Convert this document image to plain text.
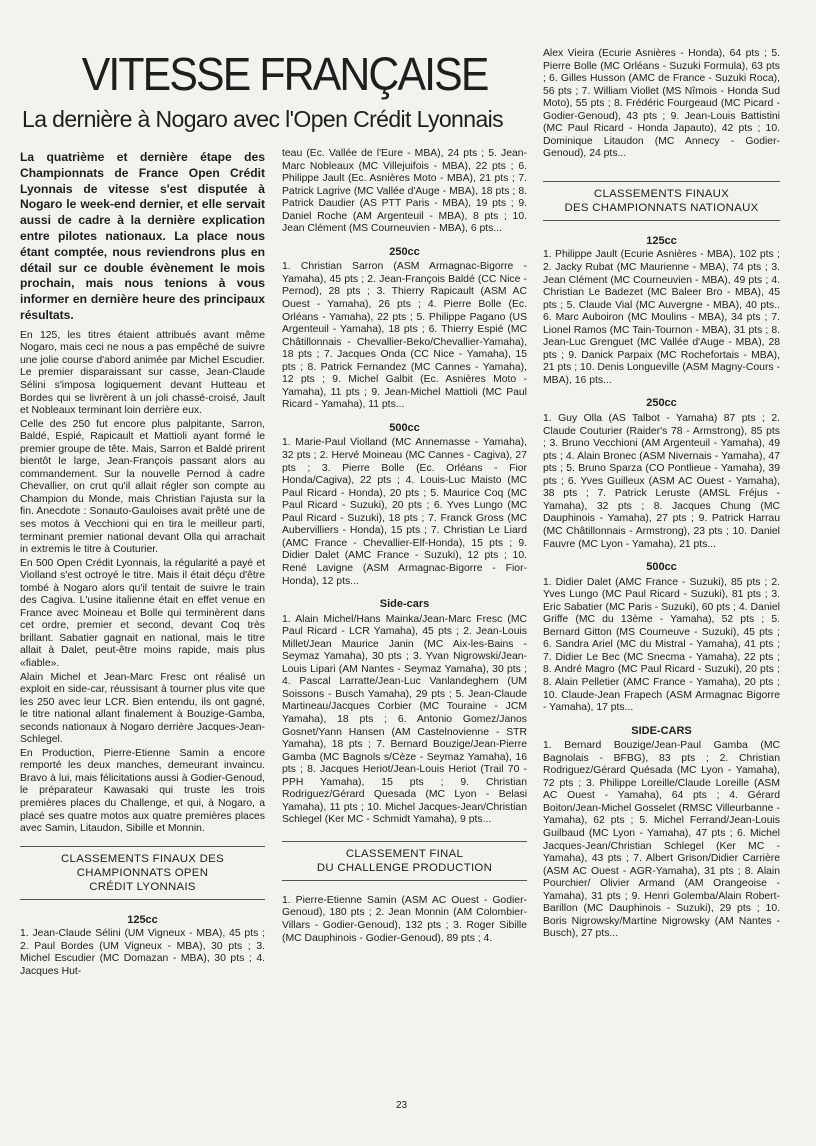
VITESSE FRANÇAISE
La dernière à Nogaro avec l'Open Crédit Lyonnais

La quatrième et dernière étape des Championnats de France Open Crédit Lyonnais de vitesse s'est disputée à Nogaro le week-end dernier, et elle servait aussi de cadre à la dernière explication entre pilotes nationaux. La place nous étant comptée, nous reviendrons plus en détail sur ce double évènement le mois prochain, mais nous tenions à vous informer en dernière heure des principaux résultats.

En 125, les titres étaient attribués avant même Nogaro, mais ceci ne nous a pas empêché de suivre une jolie course d'abord animée par Michel Escudier. Le premier disparaissant sur casse, Jean-Claude Sélini s'imposa logiquement devant Hutteau et Bordes qui se livrèrent à un joli chassé-croisé, Jault et Nobleaux terminant loin derrière eux.

Celle des 250 fut encore plus palpitante, Sarron, Baldé, Espié, Rapicault et Mattioli ayant formé le premier groupe de tête. Mais, Sarron et Baldé prirent bientôt le large, Jean-François passant alors au commandement. Sur la nouvelle Pernod à cadre Chevallier, on crut qu'il allait régler son compte au Champion du Monde, mais Christian l'ajusta sur la fin. Anecdote : Sonauto-Gauloises avait prêté une de ses motos à Vecchioni qui en tira le meilleur parti, terminant premier national devant Olla qui arrachait in extremis le titre à Couturier.

En 500 Open Crédit Lyonnais, la régularité a payé et Violland s'est octroyé le titre. Mais il était déçu d'être tombé à Nogaro alors qu'il tentait de suivre le train des Cagiva. L'usine italienne était en effet venue en France avec Moineau et Bolle qui terminèrent dans cet ordre, premier et second, devant Coq très brillant. Sabatier gagnait en national, mais le titre allait à Dalet, peut-être moins rapide, mais plus «fiable».

Alain Michel et Jean-Marc Fresc ont réalisé un exploit en side-car, réussisant à tourner plus vite que les 250 avec leur LCR. Bien entendu, ils ont gagné, le titre national allant finalement à Bouzige-Gamba, seconds nationaux à Nogaro derrière Jacques-Jean-Schlegel.

En Production, Pierre-Etienne Samin a encore remporté les deux manches, demeurant invaincu. Bravo à lui, mais félicitations aussi à Godier-Genoud, le préparateur Kawasaki qui truste les trois premières places du Challenge, et qui, à Nogaro, a placé ses quatre motos aux quatre premières places avec Samin, Litaudon, Sibille et Monnin.

CLASSEMENTS FINAUX DES
CHAMPIONNATS OPEN
CRÉDIT LYONNAIS
125cc

1. Jean-Claude Sélini (UM Vigneux - MBA), 45 pts ; 2. Paul Bordes (UM Vigneux - MBA), 30 pts ; 3. Michel Escudier (MC Domazan - MBA), 30 pts ; 4. Jacques Hut-

teau (Ec. Vallée de l'Eure - MBA), 24 pts ; 5. Jean-Marc Nobleaux (MC Villejuifois - MBA), 22 pts ; 6. Philippe Jault (Ec. Asnières Moto - MBA), 21 pts ; 7. Patrick Lagrive (MC Vallée d'Auge - MBA), 18 pts ; 8. Patrick Daudier (AS PTT Paris - MBA), 19 pts ; 9. Daniel Roche (AM Argenteuil - MBA), 8 pts ; 10. Jean Clément (MS Courneuvien - MBA), 6 pts...

250cc

1. Christian Sarron (ASM Armagnac-Bigorre - Yamaha), 45 pts ; 2. Jean-François Baldé (CC Nice - Pernod), 28 pts ; 3. Thierry Rapicault (ASM AC Ouest - Yamaha), 26 pts ; 4. Pierre Bolle (Ec. Orléans - Yamaha), 22 pts ; 5. Philippe Pagano (US Argenteuil - Yamaha), 18 pts ; 6. Thierry Espié (MC Châtillonnais - Chevallier-Beko/Chevallier-Yamaha), 18 pts ; 7. Jacques Onda (CC Nice - Yamaha), 15 pts ; 8. Patrick Fernandez (MC Cannes - Yamaha), 12 pts ; 9. Michel Galbit (Ec. Asnières Moto - Yamaha), 11 pts ; 9. Jean-Michel Mattioli (MC Paul Ricard - Yamaha), 11 pts...

500cc

1. Marie-Paul Violland (MC Annemasse - Yamaha), 32 pts ; 2. Hervé Moineau (MC Cannes - Cagiva), 27 pts ; 3. Pierre Bolle (Ec. Orléans - Fior Honda/Cagiva), 22 pts ; 4. Louis-Luc Maisto (MC Paul Ricard - Honda), 20 pts ; 5. Maurice Coq (MC Paul Ricard - Suzuki), 20 pts ; 6. Yves Lungo (MC Paul Ricard - Suzuki), 18 pts ; 7. Franck Gross (MC Aubervilliers - Honda), 15 pts ; 7. Christian Le Liard (AMC France - Chevallier-Elf-Honda), 15 pts ; 9. Didier Dalet (AMC France - Suzuki), 12 pts ; 10. René Lavigne (ASM Armagnac-Bigorre - Fior-Honda), 12 pts...

Side-cars

1. Alain Michel/Hans Mainka/Jean-Marc Fresc (MC Paul Ricard - LCR Yamaha), 45 pts ; 2. Jean-Louis Millet/Jean Maurice Janin (MC Aix-les-Bains - Seymaz Yamaha), 30 pts ; 3. Yvan Nigrowski/Jean-Louis Lipari (AM Nantes - Seymaz Yamaha), 30 pts ; 4. Pascal Larratte/Jean-Luc Vanlandeghem (UM Soissons - Busch Yamaha), 29 pts ; 5. Jean-Claude Martineau/Jacques Corbier (MC Touraine - JCM Yamaha), 18 pts ; 6. Antonio Gomez/Janos Gosnet/Yann Hansen (AM Castelnovienne - STR Yamaha), 18 pts ; 7. Bernard Bouzige/Jean-Pierre Gamba (MC Bagnols s/Cèze - Seymaz Yamaha), 16 pts ; 8. Jacques Heriot/Jean-Louis Heriot (Trail 70 - PPH Yamaha), 15 pts ; 9. Christian Rodriguez/Gérard Quesada (MC Lyon - Belasi Yamaha), 11 pts ; 10. Michel Jacques-Jean/Christian Schlegel (Ker MC - Schmidt Yamaha), 9 pts...

CLASSEMENT FINAL
DU CHALLENGE PRODUCTION

1. Pierre-Etienne Samin (ASM AC Ouest - Godier-Genoud), 180 pts ; 2. Jean Monnin (AM Colombier-Villars - Godier-Genoud), 132 pts ; 3. Roger Sibille (MC Dauphinois - Godier-Genoud), 89 pts ; 4.

Alex Vieira (Ecurie Asnières - Honda), 64 pts ; 5. Pierre Bolle (MC Orléans - Suzuki Formula), 63 pts ; 6. Gilles Husson (AMC de France - Suzuki Roca), 56 pts ; 7. William Viollet (MS Nîmois - Honda Sud Moto), 55 pts ; 8. Frédéric Fourgeaud (MC Picard - Godier-Genoud), 43 pts ; 9. Jean-Louis Battistini (MC Paul Ricard - Honda Japauto), 42 pts ; 10. Dominique Litaudon (MC Annecy - Godier-Genoud), 24 pts...

CLASSEMENTS FINAUX
DES CHAMPIONNATS NATIONAUX
125cc

1. Philippe Jault (Ecurie Asnières - MBA), 102 pts ; 2. Jacky Rubat (MC Maurienne - MBA), 74 pts ; 3. Jean Clément (MC Courneuvien - MBA), 49 pts ; 4. Christian Le Badezet (MC Baleer Bro - MBA), 45 pts ; 5. Claude Vial (MC Auvergne - MBA), 40 pts.. 6. Marc Auboiron (MC Moulins - MBA), 34 pts ; 7. Lionel Ramos (MC Tain-Tournon - MBA), 31 pts ; 8. Jean-Luc Grenguet (MC Vallée d'Auge - MBA), 28 pts ; 9. Danick Parpaix (MC Rochefortais - MBA), 21 pts ; 10. Denis Longueville (ASM Magny-Cours - MBA), 16 pts...

250cc

1. Guy Olla (AS Talbot - Yamaha) 87 pts ; 2. Claude Couturier (Raider's 78 - Armstrong), 85 pts ; 3. Bruno Vecchioni (AM Argenteuil - Yamaha), 49 pts ; 4. Alain Bronec (ASM Nivernais - Yamaha), 47 pts ; 5. Bruno Sparza (CO Pontlieue - Yamaha), 39 pts ; 6. Yves Guilleux (ASM AC Ouest - Yamaha), 38 pts ; 7. Patrick Leruste (AMSL Fréjus - Yamaha), 32 pts ; 8. Jacques Chung (MC Dauphinois - Yamaha), 27 pts ; 9. Patrick Harrau (MC Châtillonnais - Armstrong), 23 pts ; 10. Daniel Fauvre (MC Lyon - Yamaha), 21 pts...

500cc

1. Didier Dalet (AMC France - Suzuki), 85 pts ; 2. Yves Lungo (MC Paul Ricard - Suzuki), 81 pts ; 3. Eric Sabatier (MC Paris - Suzuki), 60 pts ; 4. Daniel Griffe (MC du 13ème - Yamaha), 52 pts ; 5. Bernard Gitton (MS Courneuve - Suzuki), 45 pts ; 6. Sandra Ariel (MC du Mistral - Yamaha), 41 pts ; 7. Didier Le Bec (MC Snecma - Yamaha), 22 pts ; 8. André Magro (MC Paul Ricard - Suzuki), 20 pts ; 8. Alain Pelletier (AMC France - Yamaha), 20 pts ; 10. Claude-Jean Frapech (ASM Armagnac Bigorre - Yamaha), 17 pts...

SIDE-CARS

1. Bernard Bouzige/Jean-Paul Gamba (MC Bagnolais - BFBG), 83 pts ; 2. Christian Rodriguez/Gérard Quésada (MC Lyon - Yamaha), 72 pts ; 3. Philippe Loreille/Claude Loreille (ASM AC Ouest - Yamaha), 64 pts ; 4. Gérard Boiton/Jean-Michel Gosselet (RMSC Villeurbanne - Yamaha), 62 pts ; 5. Michel Ferrand/Jean-Louis Guilbaud (MC Lyon - Yamaha), 47 pts ; 6. Michel Jacques-Jean/Christian Schlegel (Ker MC - Yamaha), 43 pts ; 7. Albert Grison/Didier Carrière (ASM AC Ouest - AGR-Yamaha), 31 pts ; 8. Alain Pourchier/ Olivier Armand (AM Orangeoise - Yamaha), 31 pts ; 9. Henri Golemba/Alain Robert-Barillon (MC Dauphinois - Suzuki), 29 pts ; 10. Boris Nigrowsky/Martine Nigrowsky (AM Nantes - Busch), 27 pts...

23
